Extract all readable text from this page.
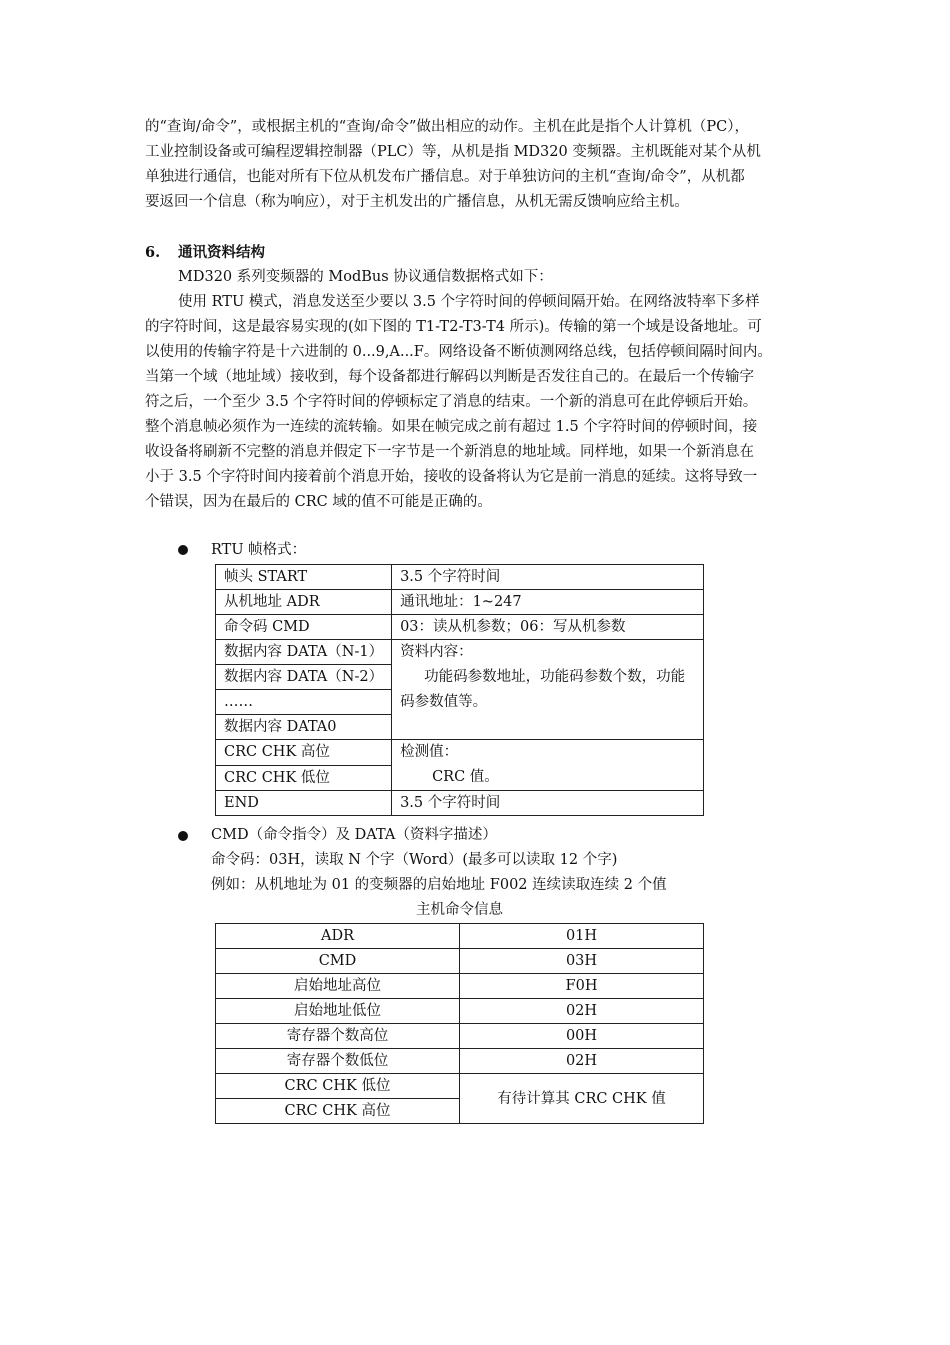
的“查询/命令”，或根据主机的“查询/命令”做出相应的动作。主机在此是指个人计算机（PC），
工业控制设备或可编程逻辑控制器（PLC）等，从机是指 MD320 变频器。主机既能对某个从机
单独进行通信，也能对所有下位从机发布广播信息。对于单独访问的主机“查询/命令”，从机都
要返回一个信息（称为响应），对于主机发出的广播信息，从机无需反馈响应给主机。
6. 通讯资料结构
MD320 系列变频器的 ModBus 协议通信数据格式如下：
使用 RTU 模式，消息发送至少要以 3.5 个字符时间的停顿间隔开始。在网络波特率下多样
的字符时间，这是最容易实现的(如下图的 T1-T2-T3-T4 所示)。传输的第一个域是设备地址。可
以使用的传输字符是十六进制的 0...9,A...F。网络设备不断侦测网络总线，包括停顿间隔时间内。
当第一个域（地址域）接收到，每个设备都进行解码以判断是否发往自己的。在最后一个传输字
符之后，一个至少 3.5 个字符时间的停顿标定了消息的结束。一个新的消息可在此停顿后开始。
整个消息帧必须作为一连续的流转输。如果在帧完成之前有超过 1.5 个字符时间的停顿时间，接
收设备将刷新不完整的消息并假定下一字节是一个新消息的地址域。同样地，如果一个新消息在
小于 3.5 个字符时间内接着前个消息开始，接收的设备将认为它是前一消息的延续。这将导致一
个错误，因为在最后的 CRC 域的值不可能是正确的。
RTU 帧格式：
帧头 START	3.5 个字符时间
从机地址 ADR	通讯地址：1~247
命令码 CMD	03：读从机参数；06：写从机参数
数据内容 DATA（N-1）	资料内容：
功能码参数地址，功能码参数个数，功能码参数值等。

数据内容 DATA（N-2）	
……	
数据内容 DATA0	
CRC CHK 高位	检测值：
CRC 值。

CRC CHK 低位	
END	3.5 个字符时间
CMD（命令指令）及 DATA（资料字描述）
命令码：03H，读取 N 个字（Word）(最多可以读取 12 个字)
例如：从机地址为 01 的变频器的启始地址 F002 连续读取连续 2 个值
主机命令信息
ADR	01H
CMD	03H
启始地址高位	F0H
启始地址低位	02H
寄存器个数高位	00H
寄存器个数低位	02H
CRC CHK 低位	有待计算其 CRC CHK 值
CRC CHK 高位	
